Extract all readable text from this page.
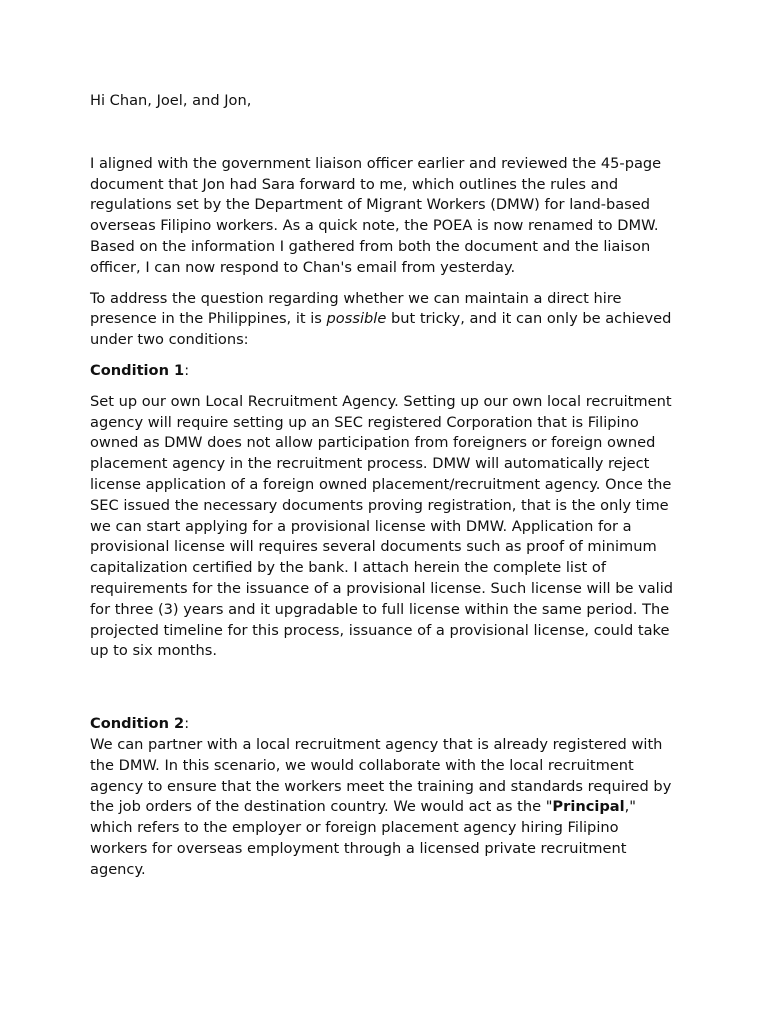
Hi Chan, Joel, and Jon,

I aligned with the government liaison officer earlier and reviewed the 45-page document that Jon had Sara forward to me, which outlines the rules and regulations set by the Department of Migrant Workers (DMW) for land-based overseas Filipino workers. As a quick note, the POEA is now renamed to DMW. Based on the information I gathered from both the document and the liaison officer, I can now respond to Chan's email from yesterday.

To address the question regarding whether we can maintain a direct hire presence in the Philippines, it is possible but tricky, and it can only be achieved under two conditions:

Condition 1:

Set up our own Local Recruitment Agency. Setting up our own local recruitment agency will require setting up an SEC registered Corporation that is Filipino owned as DMW does not allow participation from foreigners or foreign owned placement agency in the recruitment process. DMW will automatically reject license application of a foreign owned placement/recruitment agency. Once the SEC issued the necessary documents proving registration, that is the only time we can start applying for a provisional license with DMW. Application for a provisional license will requires several documents such as proof of minimum capitalization certified by the bank. I attach herein the complete list of requirements for the issuance of a provisional license. Such license will be valid for three (3) years and it upgradable to full license within the same period. The projected timeline for this process, issuance of a provisional license, could take up to six months.

Condition 2:

We can partner with a local recruitment agency that is already registered with the DMW. In this scenario, we would collaborate with the local recruitment agency to ensure that the workers meet the training and standards required by the job orders of the destination country. We would act as the "Principal," which refers to the employer or foreign placement agency hiring Filipino workers for overseas employment through a licensed private recruitment agency.
